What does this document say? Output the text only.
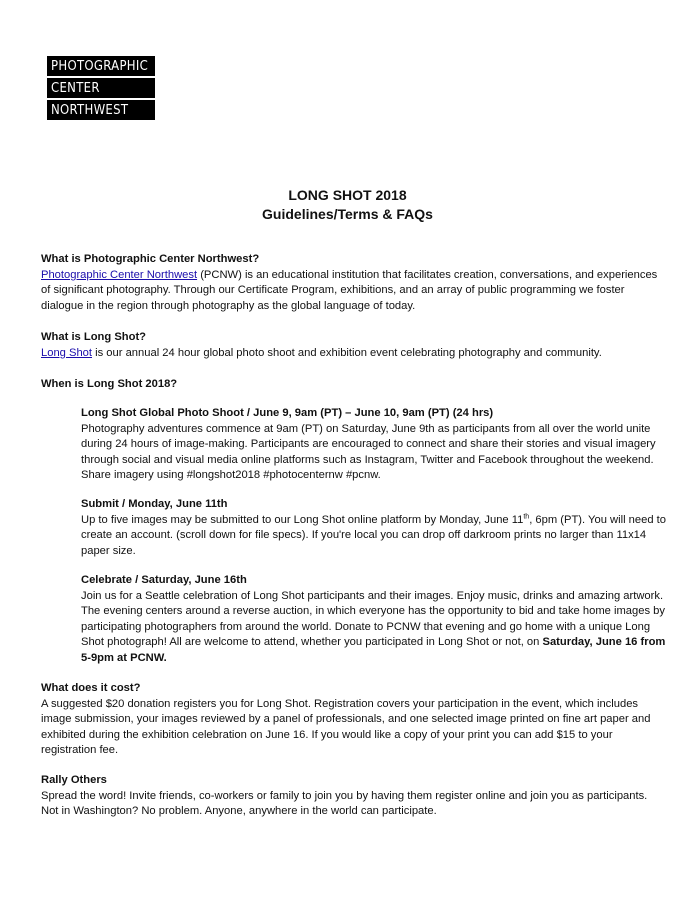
PHOTOGRAPHIC
CENTER
NORTHWEST
LONG SHOT 2018
Guidelines/Terms & FAQs
What is Photographic Center Northwest?
Photographic Center Northwest (PCNW) is an educational institution that facilitates creation, conversations, and experiences of significant photography. Through our Certificate Program, exhibitions, and an array of public programming we foster dialogue in the region through photography as the global language of today.
What is Long Shot?
Long Shot is our annual 24 hour global photo shoot and exhibition event celebrating photography and community.
When is Long Shot 2018?
Long Shot Global Photo Shoot / June 9, 9am (PT) – June 10, 9am (PT) (24 hrs)
Photography adventures commence at 9am (PT) on Saturday, June 9th as participants from all over the world unite during 24 hours of image-making. Participants are encouraged to connect and share their stories and visual imagery through social and visual media online platforms such as Instagram, Twitter and Facebook throughout the weekend. Share imagery using #longshot2018 #photocenternw #pcnw.
Submit / Monday, June 11th
Up to five images may be submitted to our Long Shot online platform by Monday, June 11th, 6pm (PT). You will need to create an account. (scroll down for file specs). If you're local you can drop off darkroom prints no larger than 11x14 paper size.
Celebrate / Saturday, June 16th
Join us for a Seattle celebration of Long Shot participants and their images. Enjoy music, drinks and amazing artwork. The evening centers around a reverse auction, in which everyone has the opportunity to bid and take home images by participating photographers from around the world. Donate to PCNW that evening and go home with a unique Long Shot photograph! All are welcome to attend, whether you participated in Long Shot or not, on Saturday, June 16 from 5-9pm at PCNW.
What does it cost?
A suggested $20 donation registers you for Long Shot. Registration covers your participation in the event, which includes image submission, your images reviewed by a panel of professionals, and one selected image printed on fine art paper and exhibited during the exhibition celebration on June 16. If you would like a copy of your print you can add $15 to your registration fee.
Rally Others
Spread the word! Invite friends, co-workers or family to join you by having them register online and join you as participants. Not in Washington? No problem. Anyone, anywhere in the world can participate.
